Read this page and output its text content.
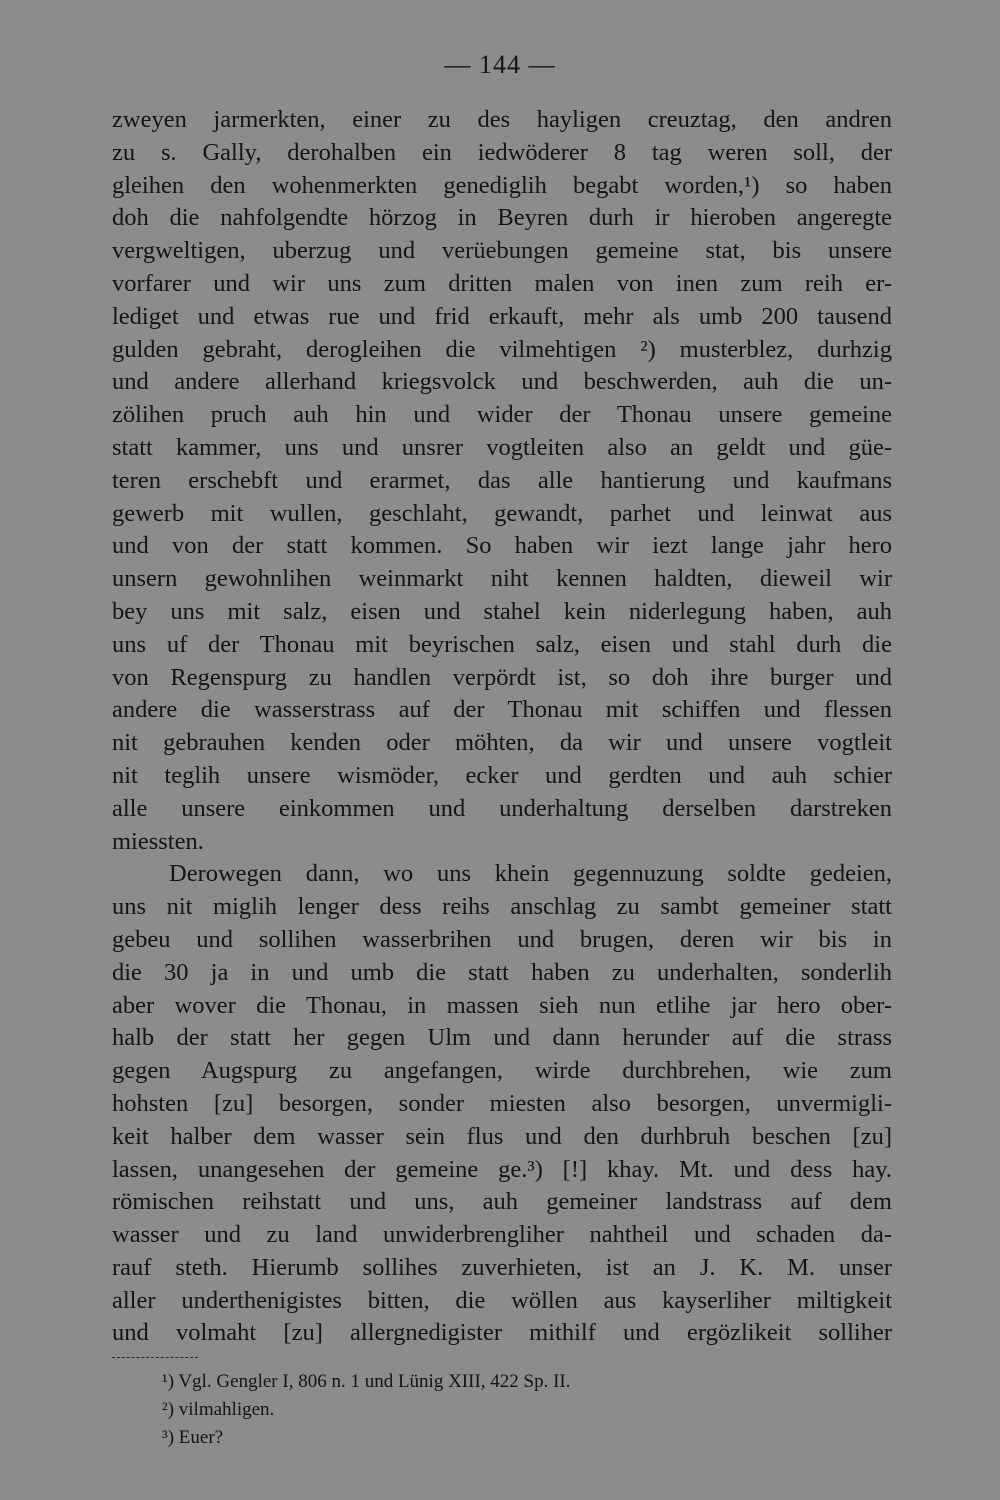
— 144 —
zweyen jarmerkten, einer zu des hayligen creuztag, den andren
zu s. Gally, derohalben ein iedwöderer 8 tag weren soll, der
gleihen den wohenmerkten genediglih begabt worden,¹) so haben
doh die nahfolgendte hörzog in Beyren durh ir hieroben angeregte
vergweltigen, uberzug und verüebungen gemeine stat, bis unsere
vorfarer und wir uns zum dritten malen von inen zum reih er-
lediget und etwas rue und frid erkauft, mehr als umb 200 tausend
gulden gebraht, derogleihen die vilmehtigen ²) musterblez, durhzig
und andere allerhand kriegsvolck und beschwerden, auh die un-
zölihen pruch auh hin und wider der Thonau unsere gemeine
statt kammer, uns und unsrer vogtleiten also an geldt und güe-
teren erschebft und erarmet, das alle hantierung und kaufmans
gewerb mit wullen, geschlaht, gewandt, parhet und leinwat aus
und von der statt kommen. So haben wir iezt lange jahr hero
unsern gewohnlihen weinmarkt niht kennen haldten, dieweil wir
bey uns mit salz, eisen und stahel kein niderlegung haben, auh
uns uf der Thonau mit beyrischen salz, eisen und stahl durh die
von Regenspurg zu handlen verpördt ist, so doh ihre burger und
andere die wasserstrass auf der Thonau mit schiffen und flessen
nit gebrauhen kenden oder möhten, da wir und unsere vogtleit
nit teglih unsere wismöder, ecker und gerdten und auh schier
alle unsere einkommen und underhaltung derselben darstreken
miessten.
Derowegen dann, wo uns khein gegennuzung soldte gedeien,
uns nit miglih lenger dess reihs anschlag zu sambt gemeiner statt
gebeu und sollihen wasserbrihen und brugen, deren wir bis in
die 30 ja in und umb die statt haben zu underhalten, sonderlih
aber wover die Thonau, in massen sieh nun etlihe jar hero ober-
halb der statt her gegen Ulm und dann herunder auf die strass
gegen Augspurg zu angefangen, wirde durchbrehen, wie zum
hohsten [zu] besorgen, sonder miesten also besorgen, unvermigli-
keit halber dem wasser sein flus und den durhbruh beschen [zu]
lassen, unangesehen der gemeine ge.³) [!] khay. Mt. und dess hay.
römischen reihstatt und uns, auh gemeiner landstrass auf dem
wasser und zu land unwiderbrengliher nahtheil und schaden da-
rauf steth. Hierumb sollihes zuverhieten, ist an J. K. M. unser
aller underthenigistes bitten, die wöllen aus kayserliher miltigkeit
und volmaht [zu] allergnedigister mithilf und ergözlikeit solliher
¹) Vgl. Gengler I, 806 n. 1 und Lünig XIII, 422 Sp. II.
²) vilmahligen.
³) Euer?
